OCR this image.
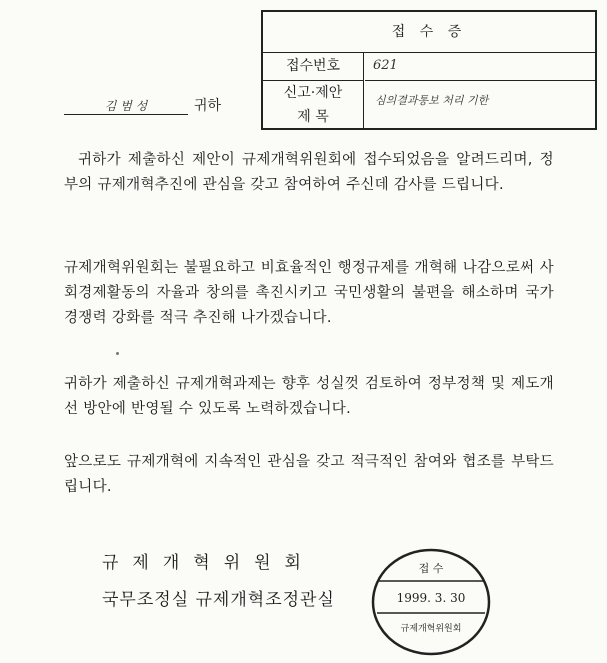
접 수 증
접수번호	621
신고·제안
제 목
심의결과통보 처리 기한
김 범 성	귀하

귀하가 제출하신 제안이 규제개혁위원회에 접수되었음을 알려드리며, 정부의 규제개혁추진에 관심을 갖고 참여하여 주신데 감사를 드립니다.

규제개혁위원회는 불필요하고 비효율적인 행정규제를 개혁해 나감으로써 사회경제활동의 자율과 창의를 촉진시키고 국민생활의 불편을 해소하며 국가경쟁력 강화를 적극 추진해 나가겠습니다.

귀하가 제출하신 규제개혁과제는 향후 성실껏 검토하여 정부정책 및 제도개선 방안에 반영될 수 있도록 노력하겠습니다.

앞으로도 규제개혁에 지속적인 관심을 갖고 적극적인 참여와 협조를 부탁드립니다.

규제개혁위원회
국무조정실 규제개혁조정관실
접 수
1999. 3. 30
규제개혁위원회
